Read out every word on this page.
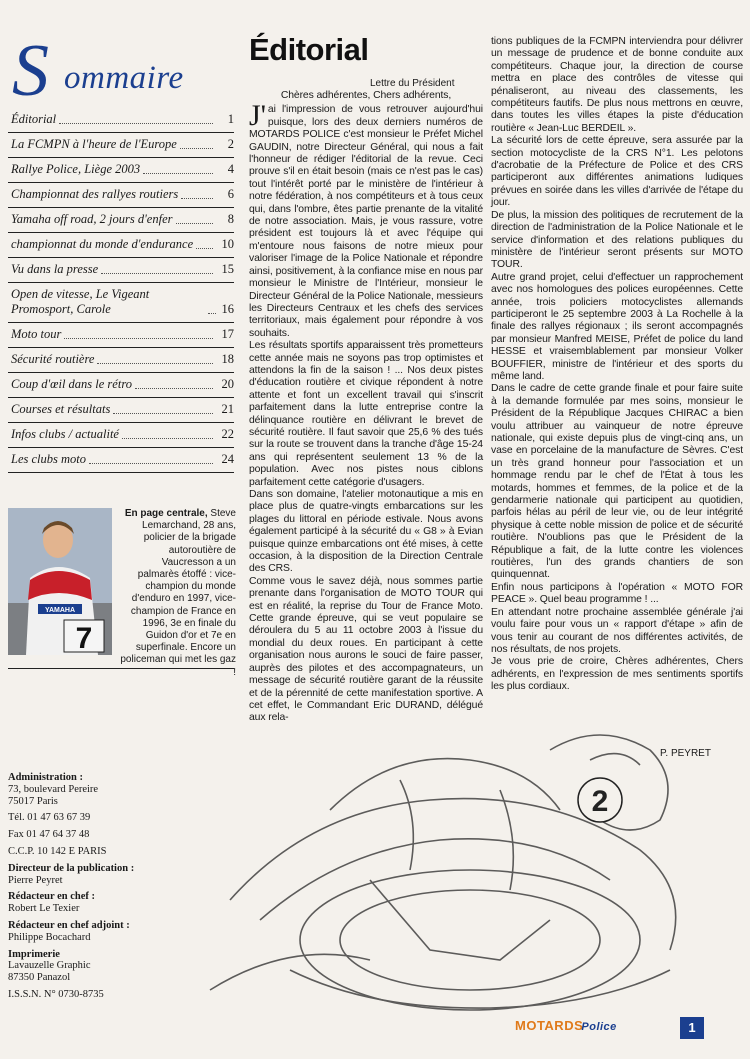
S ommaire
Éditorial	1
La FCMPN à l'heure de l'Europe	2
Rallye Police, Liège 2003	4
Championnat des rallyes routiers	6
Yamaha off road, 2 jours d'enfer	8
championnat du monde d'endurance	10
Vu dans la presse	15
Open de vitesse, Le Vigeant Promosport, Carole	16
Moto tour	17
Sécurité routière	18
Coup d'œil dans le rétro	20
Courses et résultats	21
Infos clubs / actualité	22
Les clubs moto	24
YAMAHA
7
En page centrale, Steve Lemarchand, 28 ans, policier de la brigade autoroutière de Vaucresson a un palmarès étoffé : vice-champion du monde d'enduro en 1997, vice-champion de France en 1996, 3e en finale du Guidon d'or et 7e en superfinale. Encore un policeman qui met les gaz !
Administration :
73, boulevard Pereire
75017 Paris
Tél. 01 47 63 67 39
Fax 01 47 64 37 48
C.C.P. 10 142 E PARIS
Directeur de la publication :
Pierre Peyret
Rédacteur en chef :
Robert Le Texier
Rédacteur en chef adjoint :
Philippe Bocachard
Imprimerie
Lavauzelle Graphic
87350 Panazol
I.S.S.N. N° 0730-8735
2
Éditorial
Lettre du Président

Chères adhérentes, Chers adhérents,

J'ai l'impression de vous retrouver aujourd'hui puisque, lors des deux derniers numéros de MOTARDS POLICE c'est monsieur le Préfet Michel GAUDIN, notre Directeur Général, qui nous a fait l'honneur de rédiger l'éditorial de la revue. Ceci prouve s'il en était besoin (mais ce n'est pas le cas) tout l'intérêt porté par le ministère de l'intérieur à notre fédération, à nos compétiteurs et à tous ceux qui, dans l'ombre, êtes partie prenante de la vitalité de notre association. Mais, je vous rassure, votre président est toujours là et avec l'équipe qui m'entoure nous faisons de notre mieux pour valoriser l'image de la Police Nationale et répondre ainsi, positivement, à la confiance mise en nous par monsieur le Ministre de l'Intérieur, monsieur le Directeur Général de la Police Nationale, messieurs les Directeurs Centraux et les chefs des services territoriaux, mais également pour répondre à vos souhaits.

Les résultats sportifs apparaissent très prometteurs cette année mais ne soyons pas trop optimistes et attendons la fin de la saison ! ... Nos deux pistes d'éducation routière et civique répondent à notre attente et font un excellent travail qui s'inscrit parfaitement dans la lutte entreprise contre la délinquance routière en délivrant le brevet de sécurité routière. Il faut savoir que 25,6 % des tués sur la route se trouvent dans la tranche d'âge 15-24 ans qui représentent seulement 13 % de la population. Avec nos pistes nous ciblons parfaitement cette catégorie d'usagers.

Dans son domaine, l'atelier motonautique a mis en place plus de quatre-vingts embarcations sur les plages du littoral en période estivale. Nous avons également participé à la sécurité du « G8 » à Evian puisque quinze embarcations ont été mises, à cette occasion, à la disposition de la Direction Centrale des CRS.

Comme vous le savez déjà, nous sommes partie prenante dans l'organisation de MOTO TOUR qui est en réalité, la reprise du Tour de France Moto. Cette grande épreuve, qui se veut populaire se déroulera du 5 au 11 octobre 2003 à l'issue du mondial du deux roues. En participant à cette organisation nous aurons le souci de faire passer, auprès des pilotes et des accompagnateurs, un message de sécurité routière garant de la réussite et de la pérennité de cette manifestation sportive. A cet effet, le Commandant Eric DURAND, délégué aux rela-

tions publiques de la FCMPN interviendra pour délivrer un message de prudence et de bonne conduite aux compétiteurs. Chaque jour, la direction de course mettra en place des contrôles de vitesse qui pénaliseront, au niveau des classements, les compétiteurs fautifs. De plus nous mettrons en œuvre, dans toutes les villes étapes la piste d'éducation routière « Jean-Luc BERDEIL ».

La sécurité lors de cette épreuve, sera assurée par la section motocycliste de la CRS N°1. Les pelotons d'acrobatie de la Préfecture de Police et des CRS participeront aux différentes animations ludiques prévues en soirée dans les villes d'arrivée de l'étape du jour.

De plus, la mission des politiques de recrutement de la direction de l'administration de la Police Nationale et le service d'information et des relations publiques du ministère de l'intérieur seront présents sur MOTO TOUR.

Autre grand projet, celui d'effectuer un rapprochement avec nos homologues des polices européennes. Cette année, trois policiers motocyclistes allemands participeront le 25 septembre 2003 à La Rochelle à la finale des rallyes régionaux ; ils seront accompagnés par monsieur Manfred MEISE, Préfet de police du land HESSE et vraisemblablement par monsieur Volker BOUFFIER, ministre de l'intérieur et des sports du même land.

Dans le cadre de cette grande finale et pour faire suite à la demande formulée par mes soins, monsieur le Président de la République Jacques CHIRAC a bien voulu attribuer au vainqueur de notre épreuve nationale, qui existe depuis plus de vingt-cinq ans, un vase en porcelaine de la manufacture de Sèvres. C'est un très grand honneur pour l'association et un hommage rendu par le chef de l'État à tous les motards, hommes et femmes, de la police et de la gendarmerie nationale qui participent au quotidien, parfois hélas au péril de leur vie, ou de leur intégrité physique à cette noble mission de police et de sécurité routière. N'oublions pas que le Président de la République a fait, de la lutte contre les violences routières, l'un des grands chantiers de son quinquennat.

Enfin nous participons à l'opération « MOTO FOR PEACE ». Quel beau programme ! ...

En attendant notre prochaine assemblée générale j'ai voulu faire pour vous un « rapport d'étape » afin de vous tenir au courant de nos différentes activités, de nos résultats, de nos projets.

Je vous prie de croire, Chères adhérentes, Chers adhérents, en l'expression de mes sentiments sportifs les plus cordiaux.

P. PEYRET
MOTARDS Police	1
